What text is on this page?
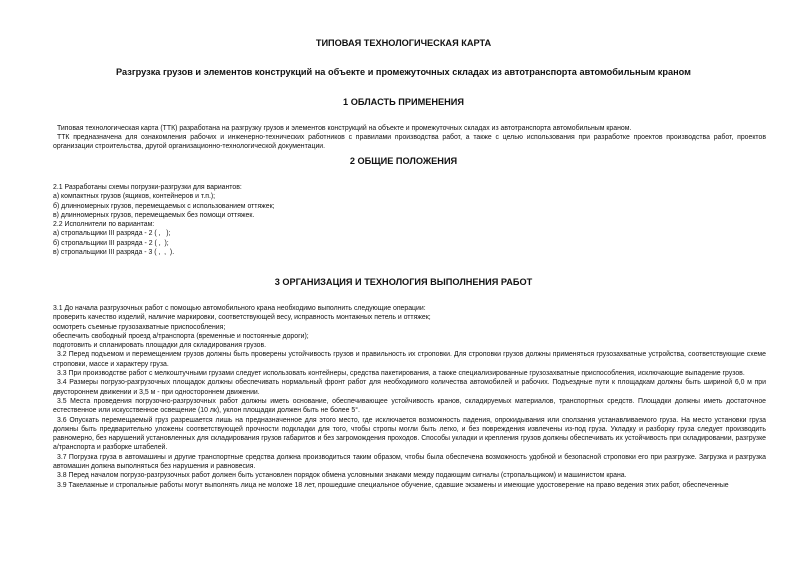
ТИПОВАЯ ТЕХНОЛОГИЧЕСКАЯ КАРТА
Разгрузка грузов и элементов конструкций на объекте и промежуточных складах из автотранспорта автомобильным краном
1 ОБЛАСТЬ ПРИМЕНЕНИЯ
Типовая технологическая карта (ТТК) разработана на разгрузку грузов и элементов конструкций на объекте и промежуточных складах из автотранспорта автомобильным краном.
ТТК предназначена для ознакомления рабочих и инженерно-технических работников с правилами производства работ, а также с целью использования при разработке проектов производства работ, проектов организации строительства, другой организационно-технологической документации.
2 ОБЩИЕ ПОЛОЖЕНИЯ
2.1 Разработаны схемы погрузки-разгрузки для вариантов:
а) компактных грузов (ящиков, контейнеров и т.п.);
б) длинномерных грузов, перемещаемых с использованием оттяжек;
в) длинномерных грузов, перемещаемых без помощи оттяжек.
2.2 Исполнители по вариантам:
а) стропальщики III разряда - 2 ( ,   );
б) стропальщики III разряда - 2 ( ,  );
в) стропальщики III разряда - 3 ( ,  ,  ).
3 ОРГАНИЗАЦИЯ И ТЕХНОЛОГИЯ ВЫПОЛНЕНИЯ РАБОТ
3.1 До начала разгрузочных работ с помощью автомобильного крана необходимо выполнить следующие операции:
проверить качество изделий, наличие маркировки, соответствующей весу, исправность монтажных петель и оттяжек;
осмотреть съемные грузозахватные приспособления;
обеспечить свободный проезд а/транспорта (временные и постоянные дороги);
подготовить и спланировать площадки для складирования грузов.
3.2 Перед подъемом и перемещением грузов должны быть проверены устойчивость грузов и правильность их строповки. Для строповки грузов должны применяться грузозахватные устройства, соответствующие схеме строповки, массе и характеру груза.
3.3 При производстве работ с мелкоштучными грузами следует использовать контейнеры, средства пакетирования, а также специализированные грузозахватные приспособления, исключающие выпадение грузов.
3.4 Размеры погрузо-разгрузочных площадок должны обеспечивать нормальный фронт работ для необходимого количества автомобилей и рабочих. Подъездные пути к площадкам должны быть шириной 6,0 м при двустороннем движении и 3,5 м - при одностороннем движении.
3.5 Места проведения погрузочно-разгрузочных работ должны иметь основание, обеспечивающее устойчивость кранов, складируемых материалов, транспортных средств. Площадки должны иметь достаточное естественное или искусственное освещение (10 лк), уклон площадки должен быть не более 5°.
3.6 Опускать перемещаемый груз разрешается лишь на предназначенное для этого место, где исключается возможность падения, опрокидывания или сползания устанавливаемого груза. На место установки груза должны быть предварительно уложены соответствующей прочности подкладки для того, чтобы стропы могли быть легко, и без повреждения извлечены из-под груза. Укладку и разборку груза следует производить равномерно, без нарушений установленных для складирования грузов габаритов и без загромождения проходов. Способы укладки и крепления грузов должны обеспечивать их устойчивость при складировании, разгрузке а/транспорта и разборке штабелей.
3.7 Погрузка груза в автомашины и другие транспортные средства должна производиться таким образом, чтобы была обеспечена возможность удобной и безопасной строповки его при разгрузке. Загрузка и разгрузка автомашин должна выполняться без нарушения и равновесия.
3.8 Перед началом погрузо-разгрузочных работ должен быть установлен порядок обмена условными знаками между подающим сигналы (стропальщиком) и машинистом крана.
3.9 Такелажные и стропальные работы могут выполнять лица не моложе 18 лет, прошедшие специальное обучение, сдавшие экзамены и имеющие удостоверение на право ведения этих работ, обеспеченные
